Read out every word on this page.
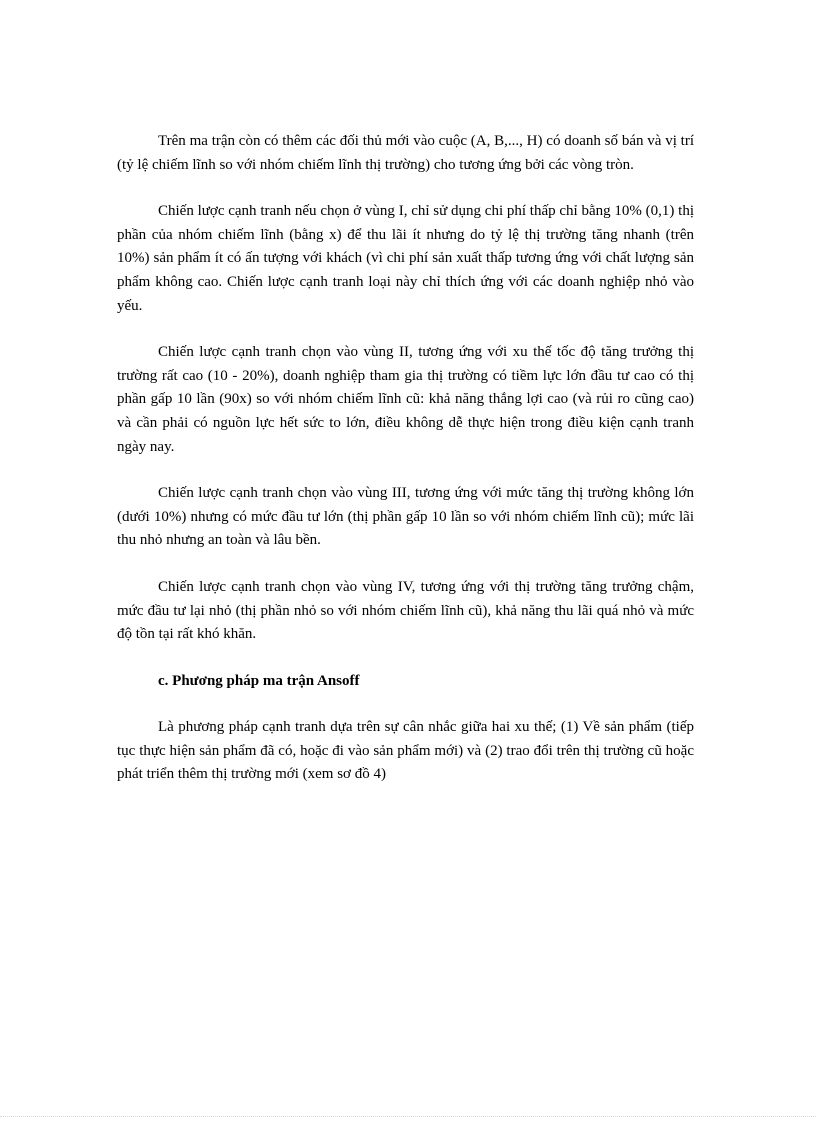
Trên ma trận còn có thêm các đối thủ mới vào cuộc (A, B,..., H) có doanh số bán và vị trí (tỷ lệ chiếm lĩnh so với nhóm chiếm lĩnh thị trường) cho tương ứng bởi các vòng tròn.

Chiến lược cạnh tranh nếu chọn ở vùng I, chỉ sử dụng chi phí thấp chỉ bằng 10% (0,1) thị phần của nhóm chiếm lĩnh (bằng x) để thu lãi ít nhưng do tỷ lệ thị trường tăng nhanh (trên 10%) sản phẩm ít có ấn tượng với khách (vì chi phí sản xuất thấp tương ứng với chất lượng sản phẩm không cao. Chiến lược cạnh tranh loại này chỉ thích ứng với các doanh nghiệp nhỏ vào yếu.

Chiến lược cạnh tranh chọn vào vùng II, tương ứng với xu thế tốc độ tăng trưởng thị trường rất cao (10 - 20%), doanh nghiệp tham gia thị trường có tiềm lực lớn đầu tư cao có thị phần gấp 10 lần (90x) so với nhóm chiếm lĩnh cũ: khả năng thắng lợi cao (và rủi ro cũng cao) và cần phải có nguồn lực hết sức to lớn, điều không dễ thực hiện trong điều kiện cạnh tranh ngày nay.

Chiến lược cạnh tranh chọn vào vùng III, tương ứng với mức tăng thị trường không lớn (dưới 10%) nhưng có mức đầu tư lớn (thị phần gấp 10 lần so với nhóm chiếm lĩnh cũ); mức lãi thu nhỏ nhưng an toàn và lâu bền.

Chiến lược cạnh tranh chọn vào vùng IV, tương ứng với thị trường tăng trưởng chậm, mức đầu tư lại nhỏ (thị phần nhỏ so với nhóm chiếm lĩnh cũ), khả năng thu lãi quá nhỏ và mức độ tồn tại rất khó khăn.

c. Phương pháp ma trận Ansoff

Là phương pháp cạnh tranh dựa trên sự cân nhắc giữa hai xu thế; (1) Về sản phẩm (tiếp tục thực hiện sản phẩm đã có, hoặc đi vào sản phẩm mới) và (2) trao đổi trên thị trường cũ hoặc phát triển thêm thị trường mới (xem sơ đồ 4)
